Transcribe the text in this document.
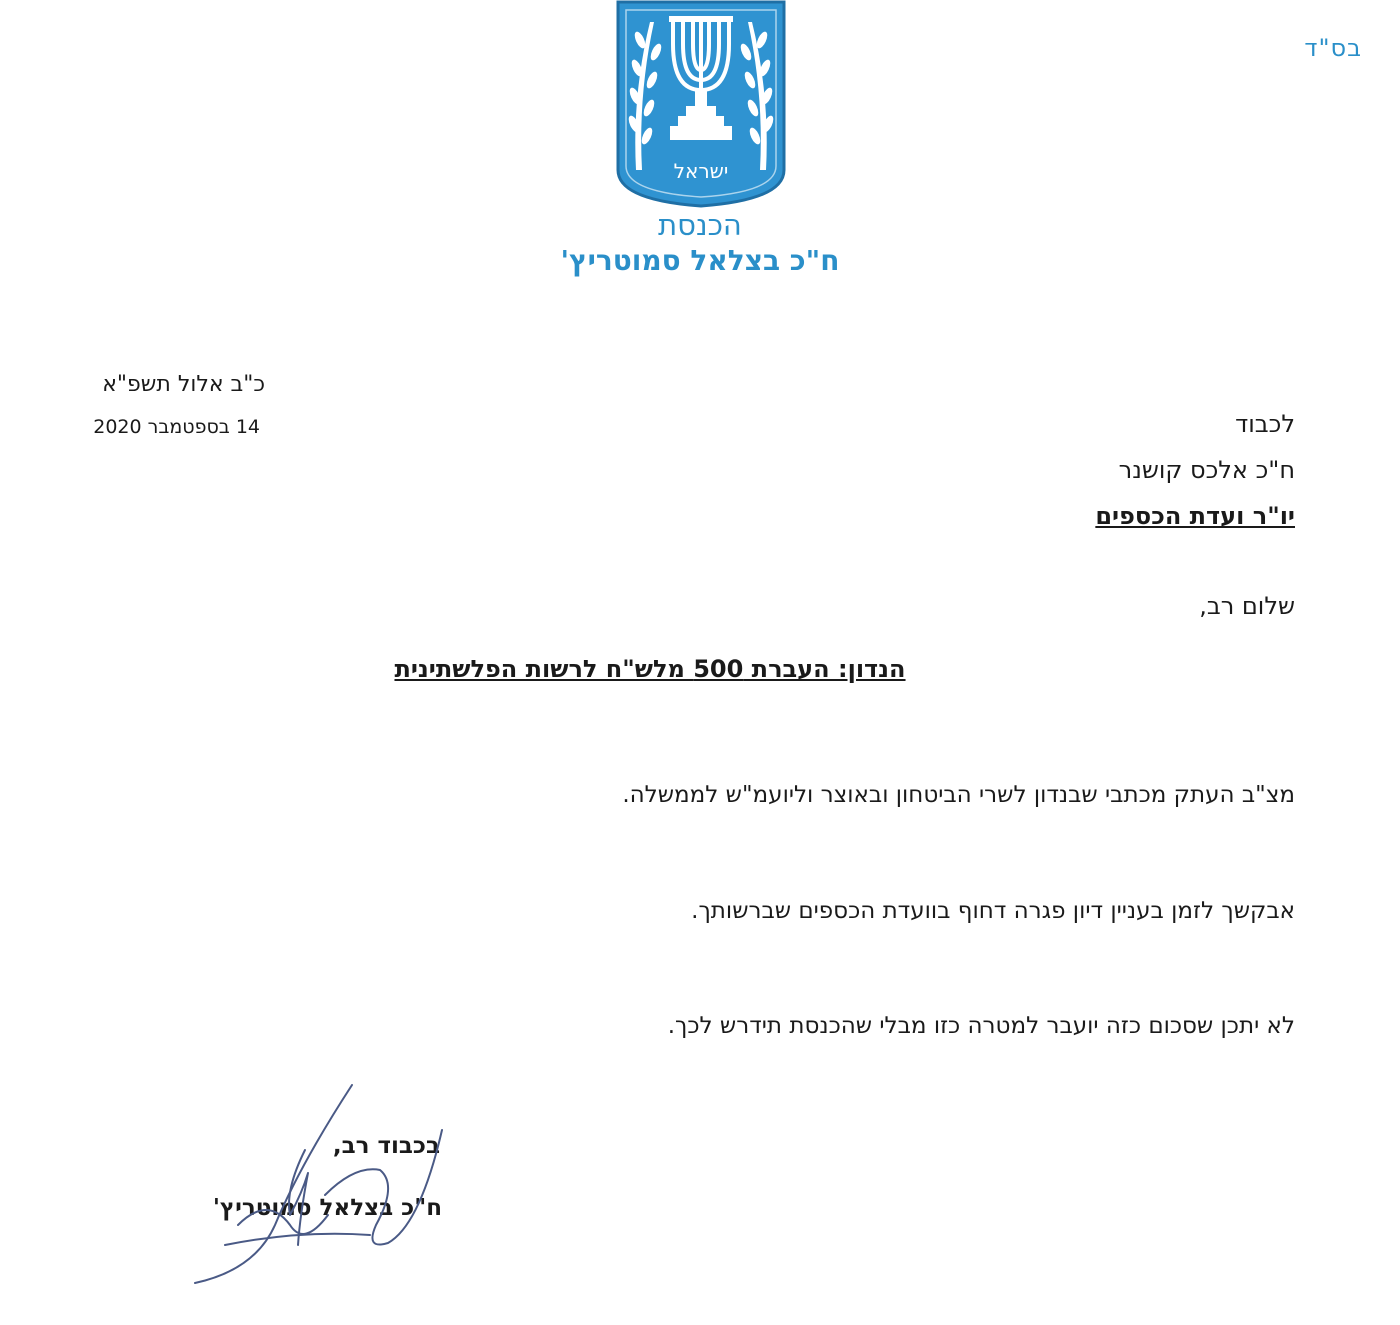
בס"ד
ישראל
הכנסת
ח"כ בצלאל סמוטריץ'
כ"ב אלול תשפ"א
14 בספטמבר 2020	לכבוד
ח"כ אלכס קושנר
יו"ר ועדת הכספים
שלום רב,
הנדון: העברת 500 מלש"ח לרשות הפלשתינית
מצ"ב העתק מכתבי שבנדון לשרי הביטחון ובאוצר וליועמ"ש לממשלה.
אבקשך לזמן בעניין דיון פגרה דחוף בוועדת הכספים שברשותך.
לא יתכן שסכום כזה יועבר למטרה כזו מבלי שהכנסת תידרש לכך.
בכבוד רב,
ח"כ בצלאל סמוטריץ'
